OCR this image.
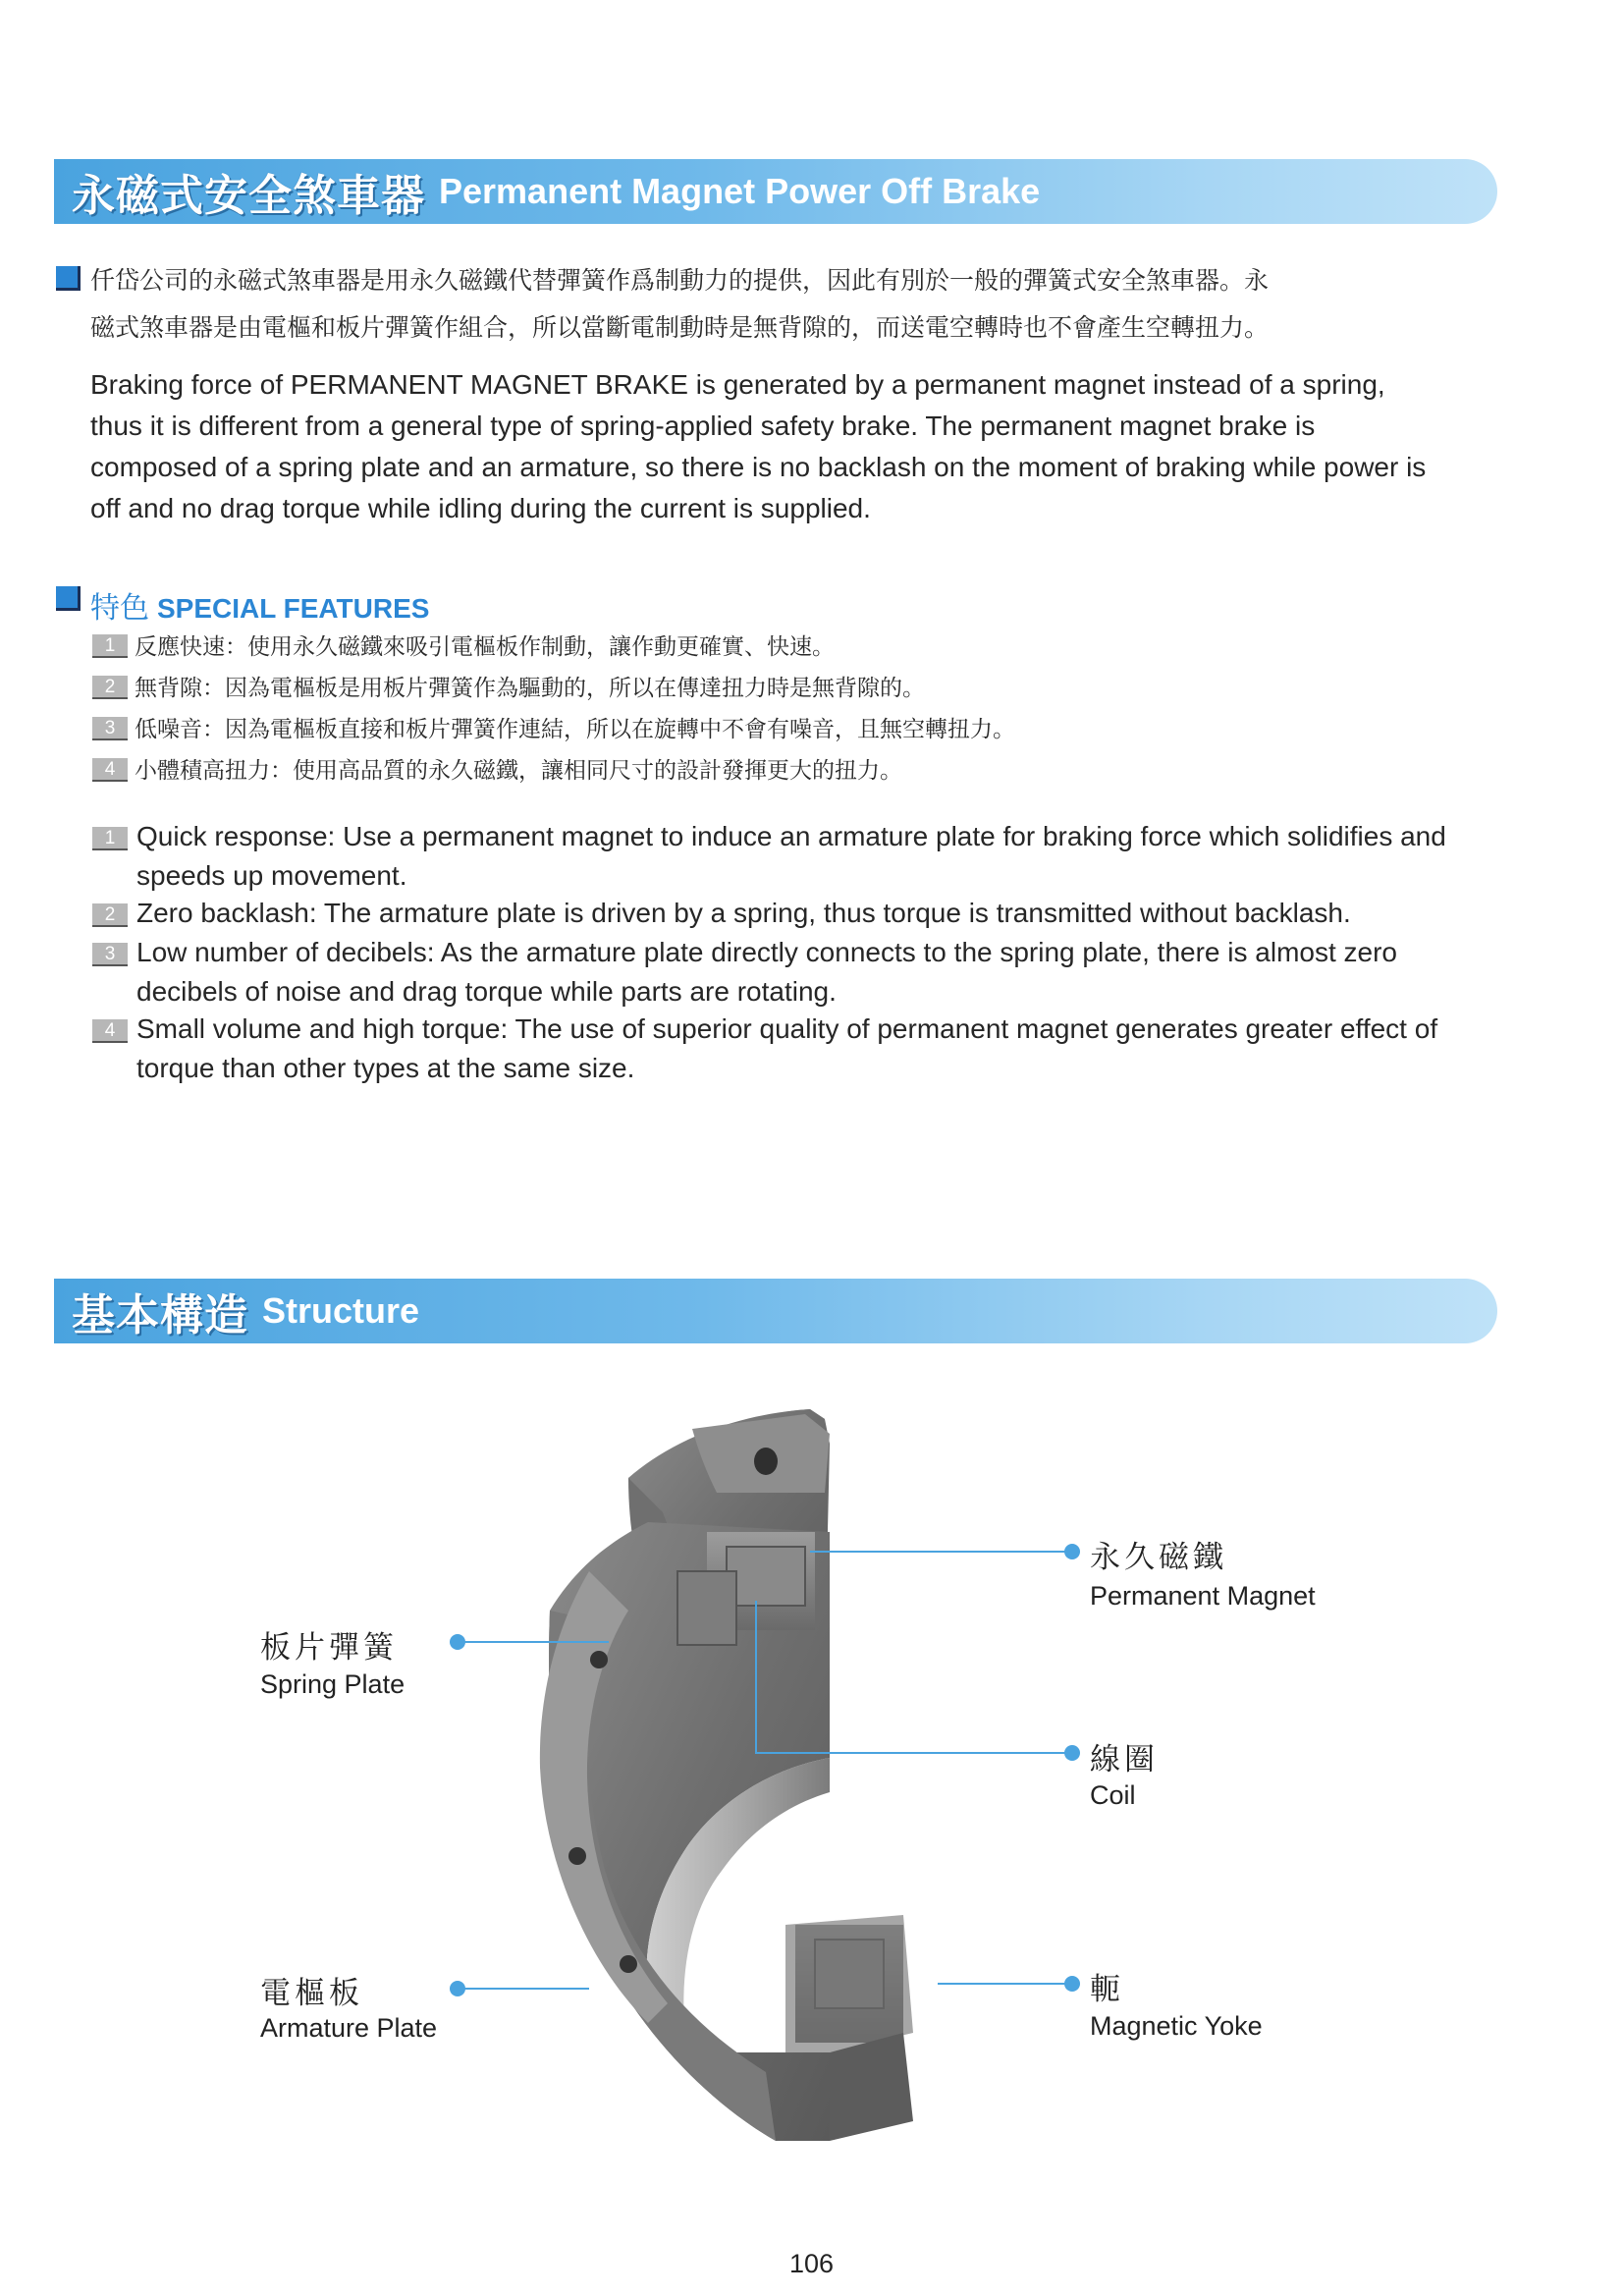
永磁式安全煞車器 Permanent Magnet Power Off Brake
仟岱公司的永磁式煞車器是用永久磁鐵代替彈簧作爲制動力的提供，因此有別於一般的彈簧式安全煞車器。永
磁式煞車器是由電樞和板片彈簧作組合，所以當斷電制動時是無背隙的，而送電空轉時也不會產生空轉扭力。
Braking force of PERMANENT MAGNET BRAKE is generated by a permanent magnet instead of a spring,
thus it is different from a general type of spring-applied safety brake. The permanent magnet brake is
composed of a spring plate and an armature, so there is no backlash on the moment of braking while power is
off and no drag torque while idling during the current is supplied.
特色 SPECIAL FEATURES
1 反應快速：使用永久磁鐵來吸引電樞板作制動，讓作動更確實、快速。
2 無背隙：因為電樞板是用板片彈簧作為驅動的，所以在傳達扭力時是無背隙的。
3 低噪音：因為電樞板直接和板片彈簧作連結，所以在旋轉中不會有噪音，且無空轉扭力。
4 小體積高扭力：使用高品質的永久磁鐵，讓相同尺寸的設計發揮更大的扭力。
1 Quick response: Use a permanent magnet to induce an armature plate for braking force which solidifies and
speeds up movement.
2 Zero backlash: The armature plate is driven by a spring, thus torque is transmitted without backlash.
3 Low number of decibels: As the armature plate directly connects to the spring plate, there is almost zero
decibels of noise and drag torque while parts are rotating.
4 Small volume and high torque: The use of superior quality of permanent magnet generates greater effect of
torque than other types at the same size.
基本構造 Structure
永久磁鐵
Permanent Magnet
線圈
Coil
軛
Magnetic Yoke
板片彈簧
Spring Plate
電樞板
Armature Plate
106
